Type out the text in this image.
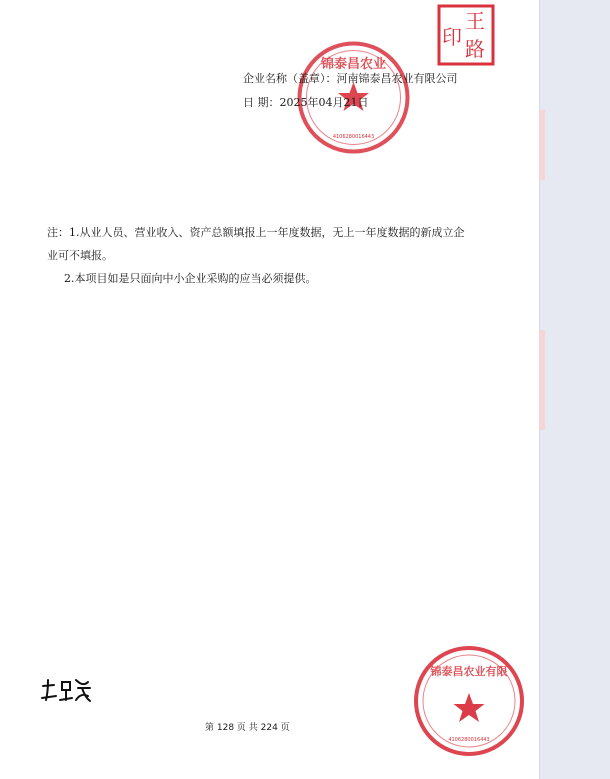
王
路
印
锦泰昌农业
4106280016443
企业名称（盖章）：河南锦泰昌农业有限公司
日 期：2025年04月21日
注：1.从业人员、营业收入、资产总额填报上一年度数据，无上一年度数据的新成立企
业可不填报。
2.本项目如是只面向中小企业采购的应当必须提供。
锦泰昌农业有限
4106280016443
第 128 页 共 224 页
